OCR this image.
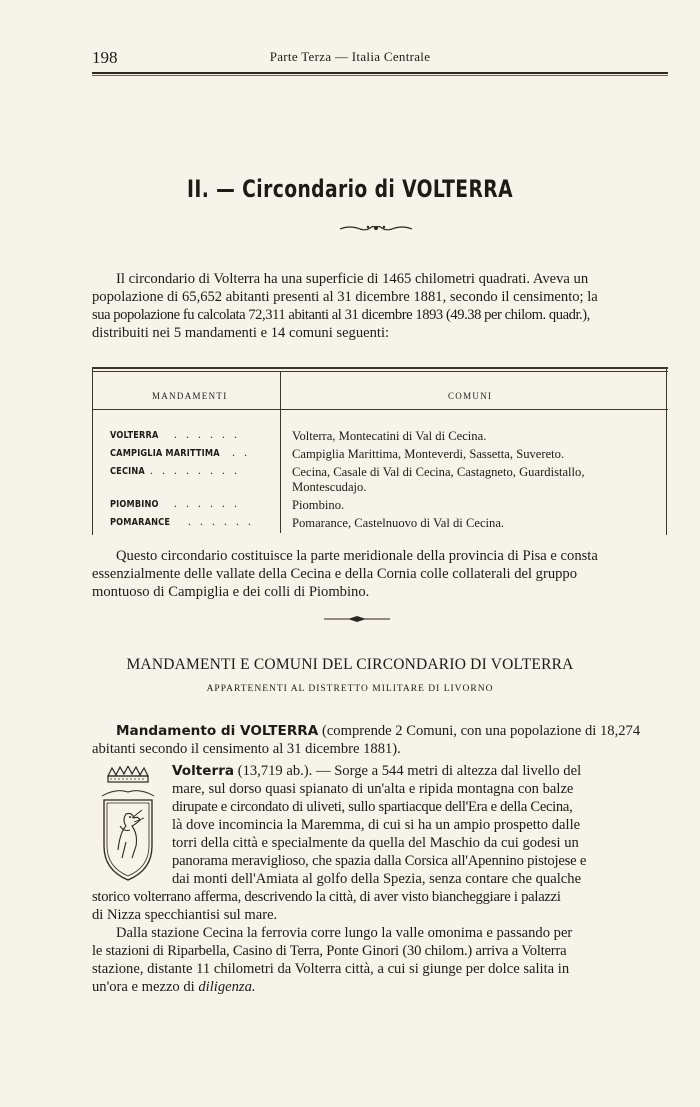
198	Parte Terza — Italia Centrale
II. — Circondario di VOLTERRA

Il circondario di Volterra ha una superficie di 1465 chilometri quadrati. Aveva un

popolazione di 65,652 abitanti presenti al 31 dicembre 1881, secondo il censimento; la

sua popolazione fu calcolata 72,311 abitanti al 31 dicembre 1893 (49.38 per chilom. quadr.),

distribuiti nei 5 mandamenti e 14 comuni seguenti:

MANDAMENTI	COMUNI
VOLTERRA . . . . . .	Volterra, Montecatini di Val di Cecina.
CAMPIGLIA MARITTIMA . .	Campiglia Marittima, Monteverdi, Sassetta, Suvereto.
CECINA . . . . . . . .	Cecina, Casale di Val di Cecina, Castagneto, Guardistallo, Montescudajo.
PIOMBINO . . . . . .	Piombino.
POMARANCE . . . . . .	Pomarance, Castelnuovo di Val di Cecina.

Questo circondario costituisce la parte meridionale della provincia di Pisa e consta

essenzialmente delle vallate della Cecina e della Cornia colle collaterali del gruppo

montuoso di Campiglia e dei colli di Piombino.

MANDAMENTI E COMUNI DEL CIRCONDARIO DI VOLTERRA
APPARTENENTI AL DISTRETTO MILITARE DI LIVORNO

Mandamento di VOLTERRA (comprende 2 Comuni, con una popolazione di 18,274

abitanti secondo il censimento al 31 dicembre 1881).

Volterra (13,719 ab.). — Sorge a 544 metri di altezza dal livello del

mare, sul dorso quasi spianato di un'alta e ripida montagna con balze

dirupate e circondato di uliveti, sullo spartiacque dell'Era e della Cecina,

là dove incomincia la Maremma, di cui si ha un ampio prospetto dalle

torri della città e specialmente da quella del Maschio da cui godesi un

panorama meraviglioso, che spazia dalla Corsica all'Apennino pistojese e

dai monti dell'Amiata al golfo della Spezia, senza contare che qualche

storico volterrano afferma, descrivendo la città, di aver visto biancheggiare i palazzi

di Nizza specchiantisi sul mare.

Dalla stazione Cecina la ferrovia corre lungo la valle omonima e passando per

le stazioni di Riparbella, Casino di Terra, Ponte Ginori (30 chilom.) arriva a Volterra

stazione, distante 11 chilometri da Volterra città, a cui si giunge per dolce salita in

un'ora e mezzo di diligenza.
